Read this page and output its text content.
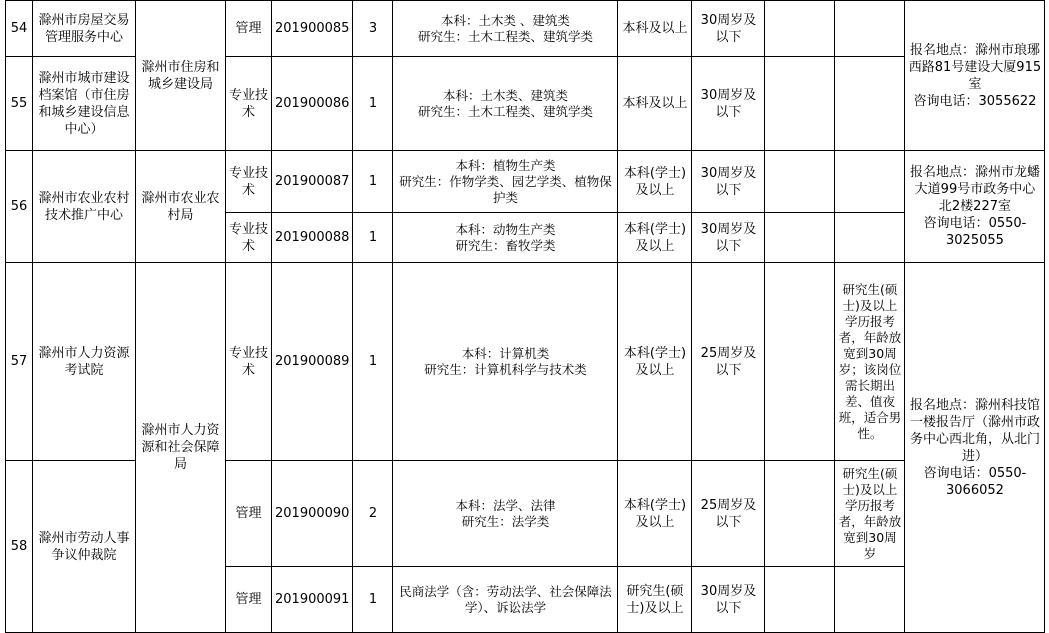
54	滁州市房屋交易管理服务中心	滁州市住房和城乡建设局	管理	201900085	3	本科：土木类 、建筑类
研究生：土木工程类、建筑学类	本科及以上	30周岁及以下			报名地点：滁州市琅琊西路81号建设大厦915室
咨询电话：3055622

55	滁州市城市建设档案馆（市住房和城乡建设信息中心）		专业技术	201900086	1	本科：土木类、建筑类
研究生：土木工程类、建筑学类	本科及以上	30周岁及以下			
56	滁州市农业农村技术推广中心	滁州市农业农村局	专业技术	201900087	1	本科：植物生产类
研究生：作物学类、园艺学类、植物保护类	本科(学士)及以上	30周岁及以下			报名地点：滁州市龙蟠大道99号市政务中心北2楼227室
咨询电话：0550-3025055

			专业技术	201900088	1	本科：动物生产类
研究生：畜牧学类	本科(学士)及以上	30周岁及以下			
57	滁州市人力资源考试院	滁州市人力资源和社会保障局	专业技术	201900089	1	本科：计算机类
研究生：计算机科学与技术类	本科(学士)及以上	25周岁及以下		研究生(硕士)及以上学历报考者，年龄放宽到30周岁；该岗位需长期出差、值夜班，适合男性。	报名地点：滁州科技馆一楼报告厅（滁州市政务中心西北角，从北门进）
咨询电话：0550-3066052

58	滁州市劳动人事争议仲裁院		管理	201900090	2	本科：法学、法律
研究生：法学类	本科(学士)及以上	25周岁及以下		研究生(硕士)及以上学历报考者，年龄放宽到30周岁	
			管理	201900091	1	民商法学（含：劳动法学、社会保障法学）、诉讼法学	研究生(硕士)及以上	30周岁及以下			
